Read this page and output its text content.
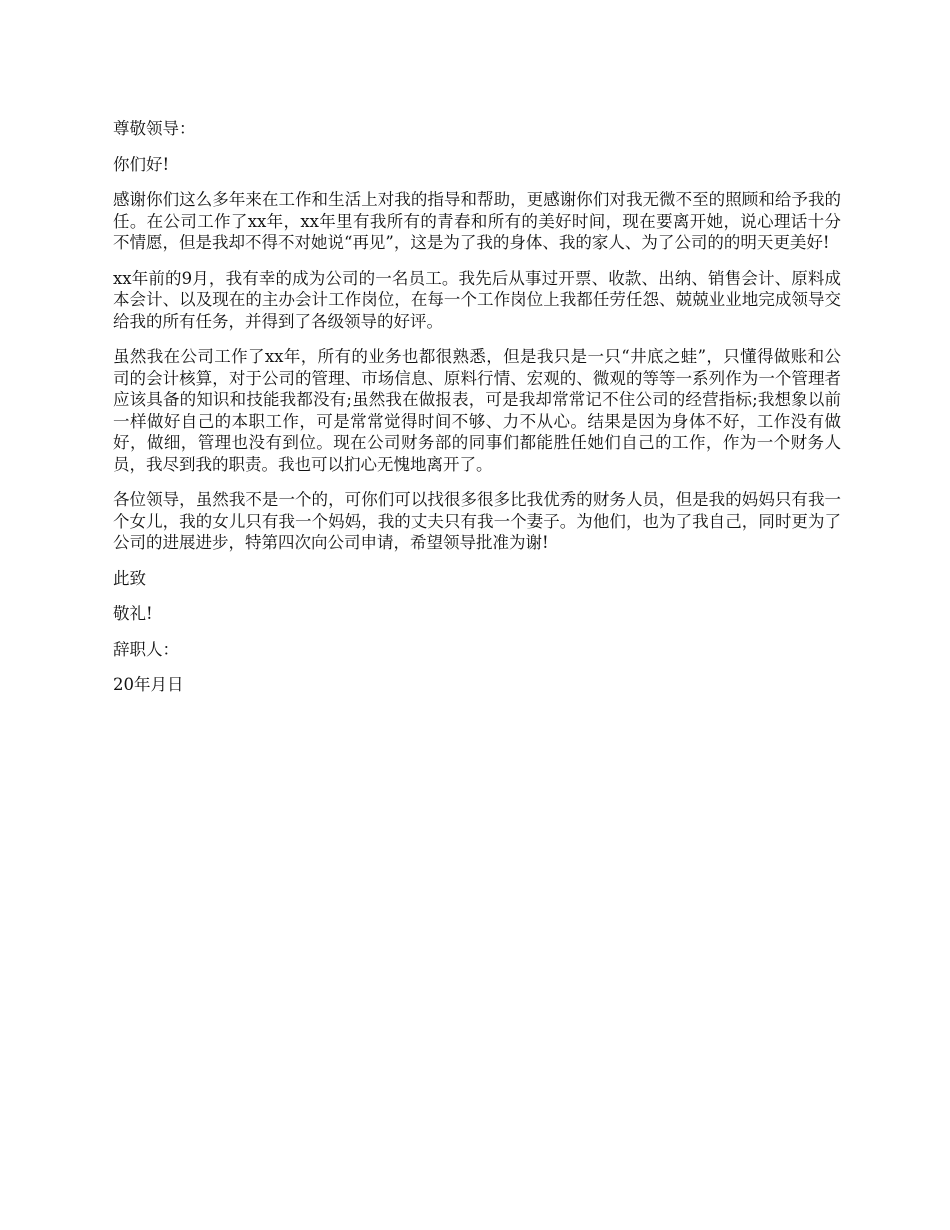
尊敬领导：

你们好!

感谢你们这么多年来在工作和生活上对我的指导和帮助，更感谢你们对我无微不至的照顾和给予我的任。在公司工作了xx年，xx年里有我所有的青春和所有的美好时间，现在要离开她，说心理话十分不情愿，但是我却不得不对她说“再见”，这是为了我的身体、我的家人、为了公司的的明天更美好!

xx年前的9月，我有幸的成为公司的一名员工。我先后从事过开票、收款、出纳、销售会计、原料成本会计、以及现在的主办会计工作岗位，在每一个工作岗位上我都任劳任怨、兢兢业业地完成领导交给我的所有任务，并得到了各级领导的好评。

虽然我在公司工作了xx年，所有的业务也都很熟悉，但是我只是一只“井底之蛙”，只懂得做账和公司的会计核算，对于公司的管理、市场信息、原料行情、宏观的、微观的等等一系列作为一个管理者应该具备的知识和技能我都没有;虽然我在做报表，可是我却常常记不住公司的经营指标;我想象以前一样做好自己的本职工作，可是常常觉得时间不够、力不从心。结果是因为身体不好，工作没有做好，做细，管理也没有到位。现在公司财务部的同事们都能胜任她们自己的工作，作为一个财务人员，我尽到我的职责。我也可以扪心无愧地离开了。

各位领导，虽然我不是一个的，可你们可以找很多很多比我优秀的财务人员，但是我的妈妈只有我一个女儿，我的女儿只有我一个妈妈，我的丈夫只有我一个妻子。为他们，也为了我自己，同时更为了公司的进展进步，特第四次向公司申请，希望领导批准为谢!

此致

敬礼!

辞职人：

20年月日
